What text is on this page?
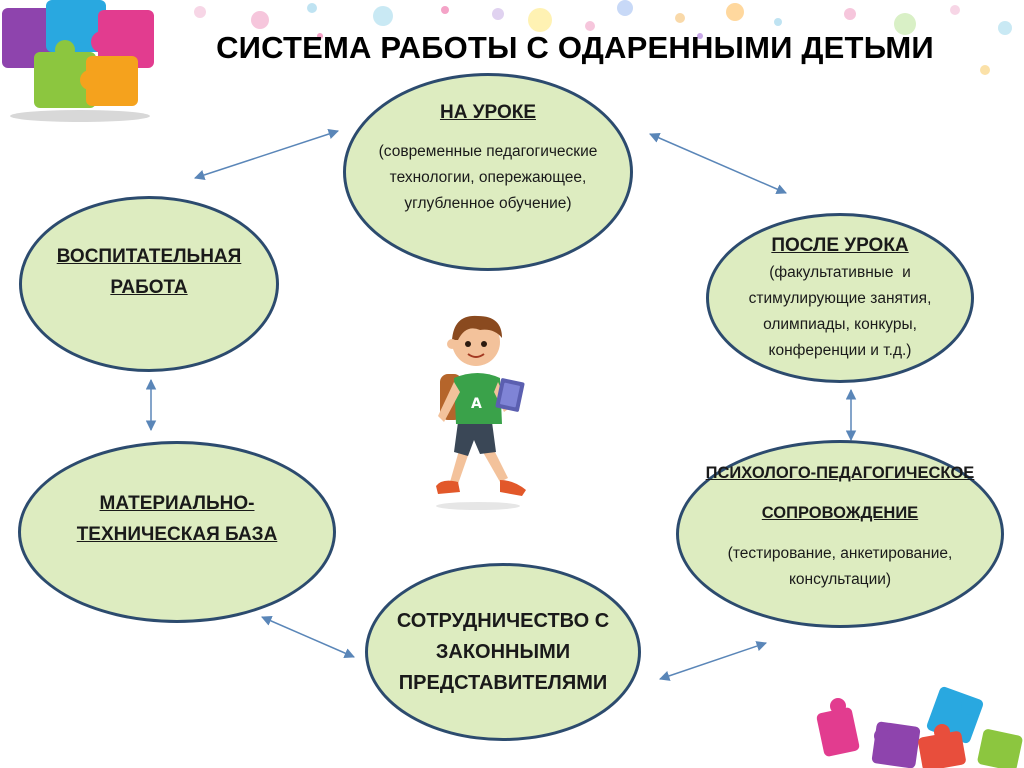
СИСТЕМА РАБОТЫ С ОДАРЕННЫМИ ДЕТЬМИ
НА УРОКЕ
(современные педагогические
технологии, опережающее,
углубленное обучение)
ПОСЛЕ УРОКА
(факультативные  и
стимулирующие занятия,
олимпиады, конкуры,
конференции и т.д.)
ВОСПИТАТЕЛЬНАЯ
РАБОТА
ПСИХОЛОГО-ПЕДАГОГИЧЕСКОЕ
СОПРОВОЖДЕНИЕ
(тестирование, анкетирование,
консультации)
МАТЕРИАЛЬНО-
ТЕХНИЧЕСКАЯ БАЗА
СОТРУДНИЧЕСТВО С
ЗАКОННЫМИ
ПРЕДСТАВИТЕЛЯМИ
A
